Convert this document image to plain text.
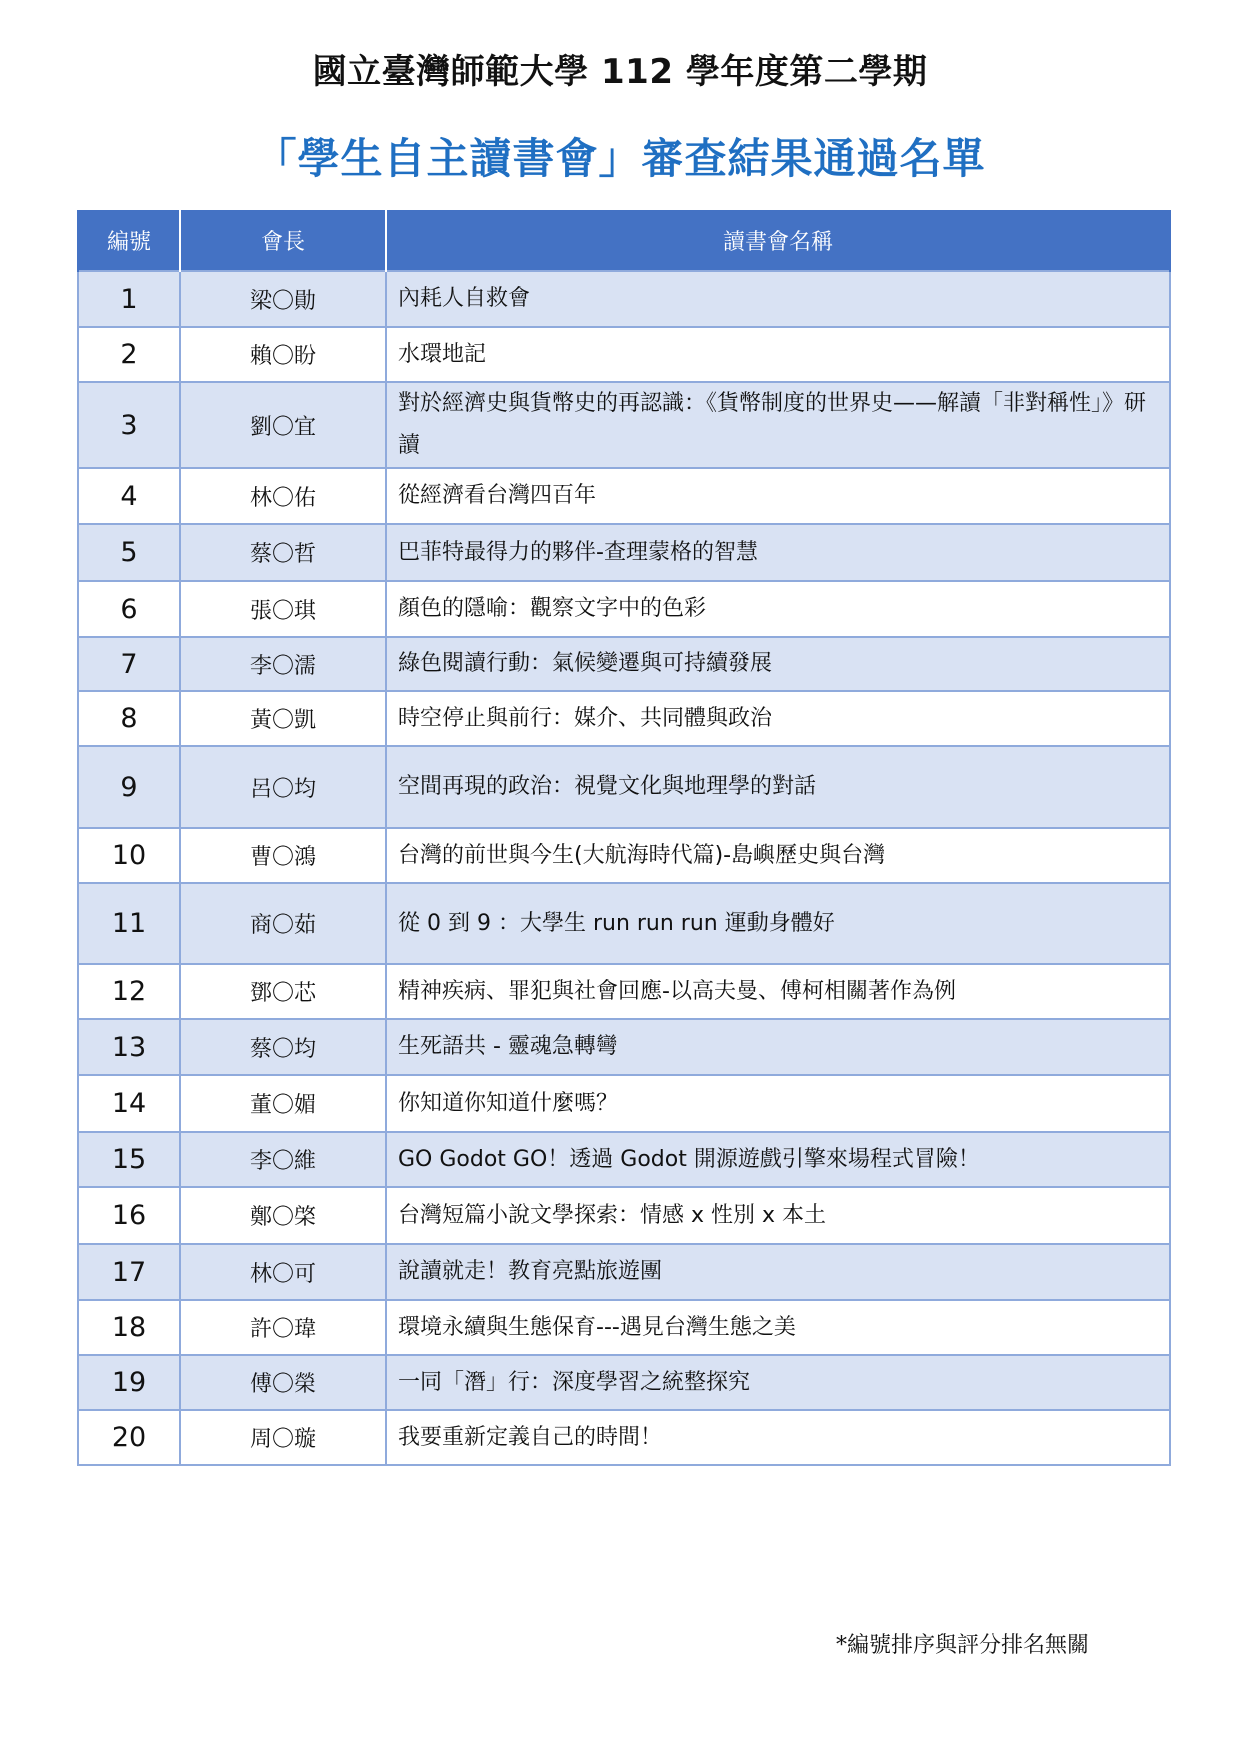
國立臺灣師範大學 112 學年度第二學期
「學生自主讀書會」審查結果通過名單
編號	會長	讀書會名稱
1	梁〇勛	內耗人自救會
2	賴〇盼	水環地記
3	劉〇宜	對於經濟史與貨幣史的再認識：《貨幣制度的世界史——解讀「非對稱性」》研讀
4	林〇佑	從經濟看台灣四百年
5	蔡〇哲	巴菲特最得力的夥伴-查理蒙格的智慧
6	張〇琪	顏色的隱喻：觀察文字中的色彩
7	李〇濡	綠色閱讀行動：氣候變遷與可持續發展
8	黃〇凱	時空停止與前行：媒介、共同體與政治
9	呂〇均	空間再現的政治：視覺文化與地理學的對話
10	曹〇鴻	台灣的前世與今生(大航海時代篇)-島嶼歷史與台灣
11	商〇茹	從 0 到 9 ：大學生 run run run 運動身體好
12	鄧〇芯	精神疾病、罪犯與社會回應-以高夫曼、傅柯相關著作為例
13	蔡〇均	生死語共 - 靈魂急轉彎
14	董〇媚	你知道你知道什麼嗎？
15	李〇維	GO Godot GO！透過 Godot 開源遊戲引擎來場程式冒險！
16	鄭〇棨	台灣短篇小說文學探索：情感 x 性別 x 本土
17	林〇可	說讀就走！教育亮點旅遊團
18	許〇瑋	環境永續與生態保育---遇見台灣生態之美
19	傅〇榮	一同「潛」行：深度學習之統整探究
20	周〇璇	我要重新定義自己的時間！
*編號排序與評分排名無關
